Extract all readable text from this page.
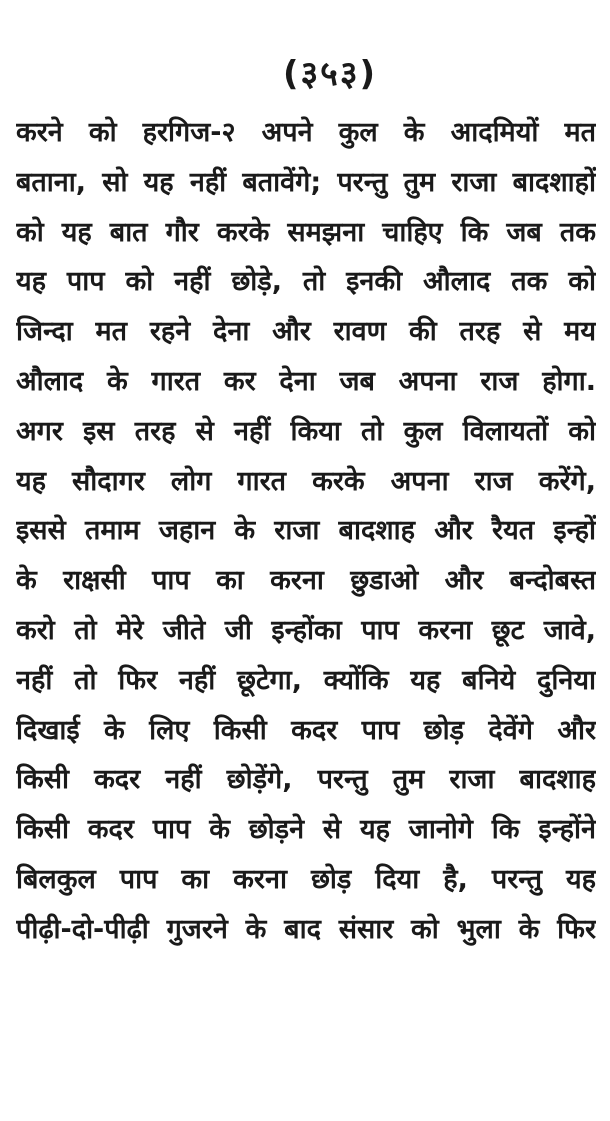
(३५३)
करने को हरगिज-२ अपने कुल के आदमियों मत
बताना, सो यह नहीं बतावेंगे; परन्तु तुम राजा बादशाहों
को यह बात गौर करके समझना चाहिए कि जब तक
यह पाप को नहीं छोड़े, तो इनकी औलाद तक को
जिन्दा मत रहने देना और रावण की तरह से मय
औलाद के गारत कर देना जब अपना राज होगा.
अगर इस तरह से नहीं किया तो कुल विलायतों को
यह सौदागर लोग गारत करके अपना राज करेंगे,
इससे तमाम जहान के राजा बादशाह और रैयत इन्हों
के राक्षसी पाप का करना छुडाओ और बन्दोबस्त
करो तो मेरे जीते जी इन्होंका पाप करना छूट जावे,
नहीं तो फिर नहीं छूटेगा, क्योंकि यह बनिये दुनिया
दिखाई के लिए किसी कदर पाप छोड़ देवेंगे और
किसी कदर नहीं छोड़ेंगे, परन्तु तुम राजा बादशाह
किसी कदर पाप के छोड़ने से यह जानोगे कि इन्होंने
बिलकुल पाप का करना छोड़ दिया है, परन्तु यह
पीढ़ी-दो-पीढ़ी गुजरने के बाद संसार को भुला के फिर
